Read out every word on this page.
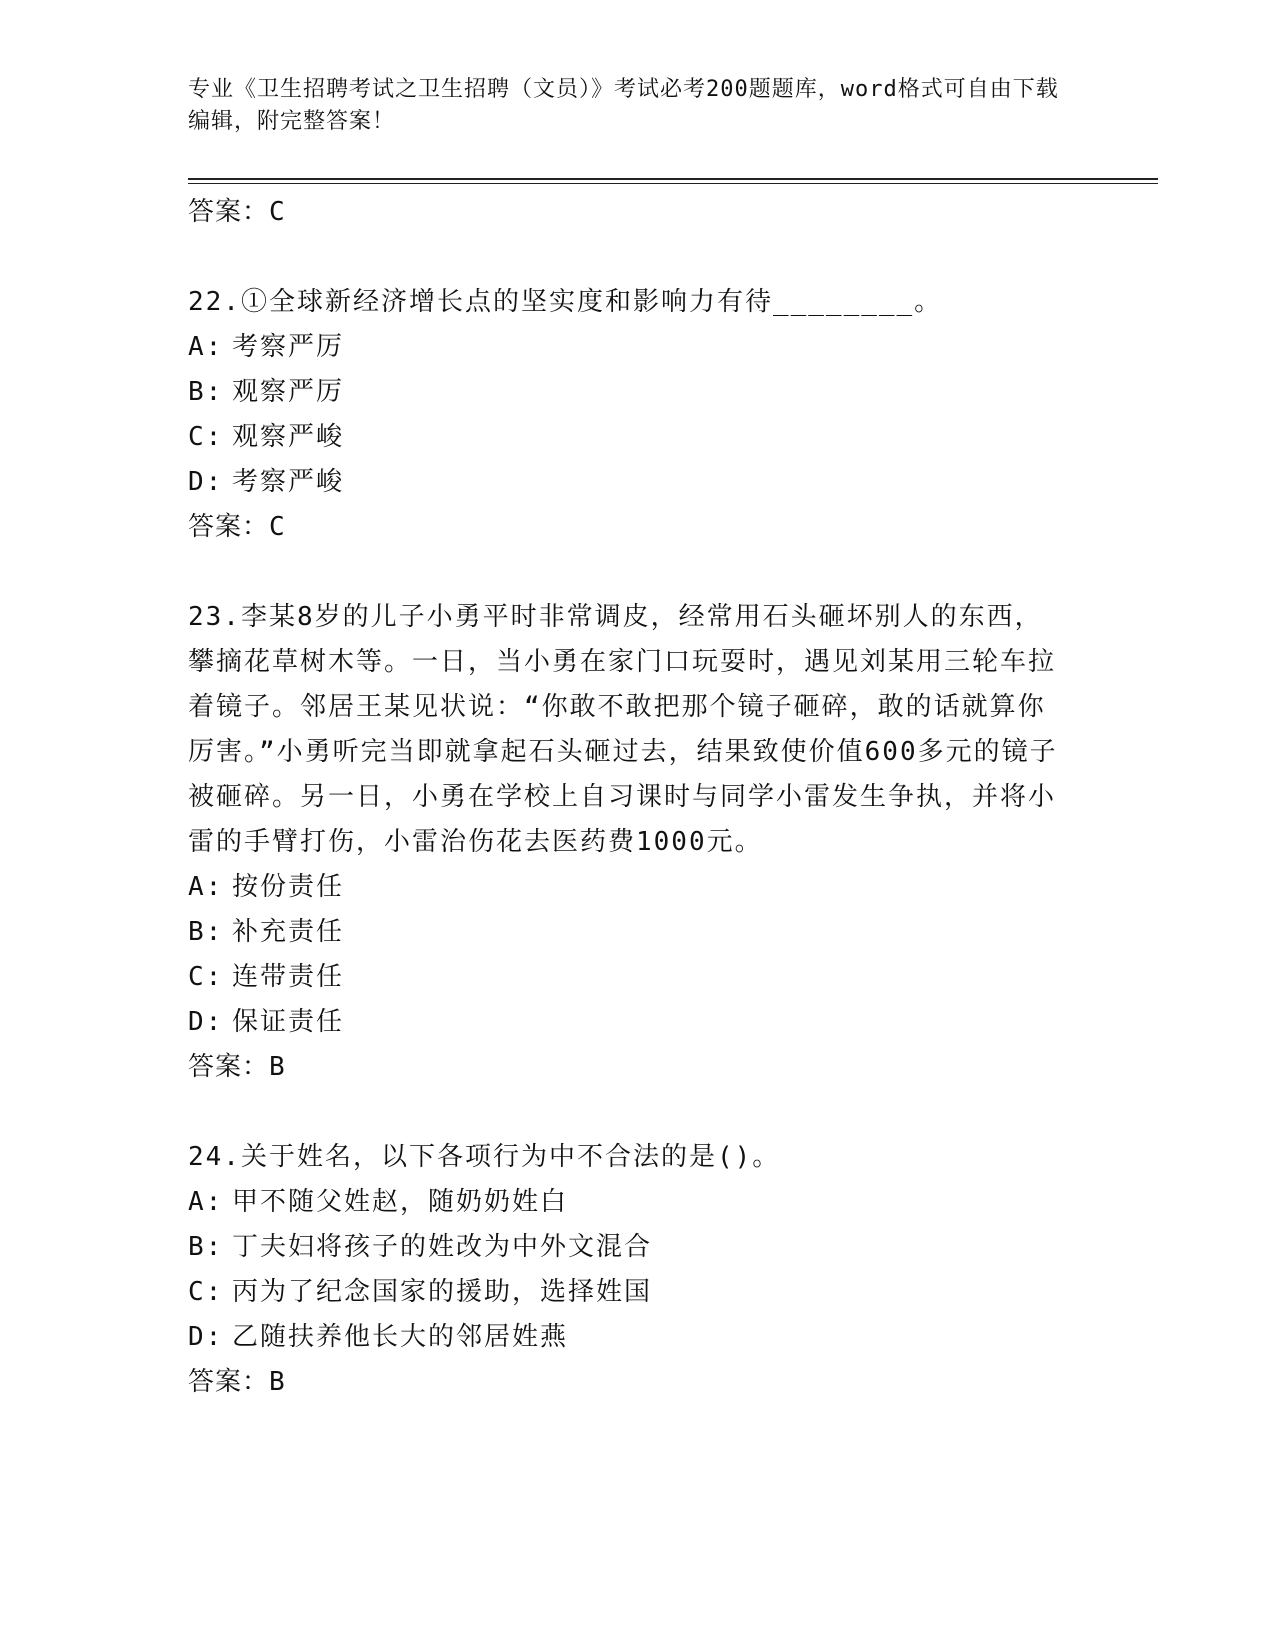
专业《卫生招聘考试之卫生招聘（文员）》考试必考200题题库，word格式可自由下载编辑，附完整答案！
答案：C

22.①全球新经济增长点的坚实度和影响力有待________。

A: 考察严厉
B: 观察严厉
C: 观察严峻
D: 考察严峻
答案：C

23.李某8岁的儿子小勇平时非常调皮，经常用石头砸坏别人的东西，攀摘花草树木等。一日，当小勇在家门口玩耍时，遇见刘某用三轮车拉着镜子。邻居王某见状说：“你敢不敢把那个镜子砸碎，敢的话就算你厉害。”小勇听完当即就拿起石头砸过去，结果致使价值600多元的镜子被砸碎。另一日，小勇在学校上自习课时与同学小雷发生争执，并将小雷的手臂打伤，小雷治伤花去医药费1000元。

A: 按份责任
B: 补充责任
C: 连带责任
D: 保证责任
答案：B

24.关于姓名，以下各项行为中不合法的是()。

A: 甲不随父姓赵，随奶奶姓白
B: 丁夫妇将孩子的姓改为中外文混合
C: 丙为了纪念国家的援助，选择姓国
D: 乙随扶养他长大的邻居姓燕
答案：B
